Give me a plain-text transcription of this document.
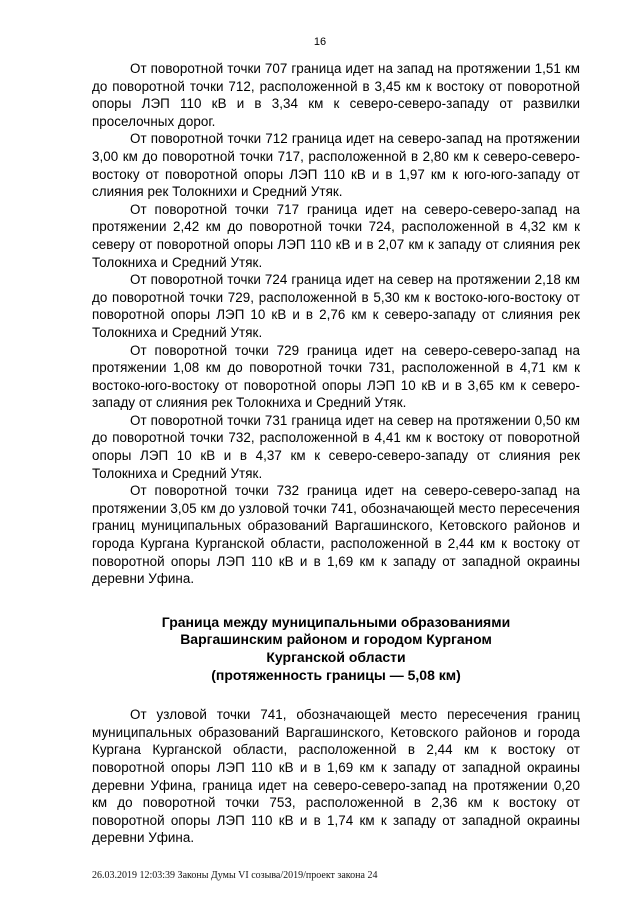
16

От поворотной точки 707 граница идет на запад на протяжении 1,51 км до поворотной точки 712, расположенной в 3,45 км к востоку от поворотной опоры ЛЭП 110 кВ и в 3,34 км к северо-северо-западу от развилки проселочных дорог.

От поворотной точки 712 граница идет на северо-запад на протяжении 3,00 км до поворотной точки 717, расположенной в 2,80 км к северо-северо-востоку от поворотной опоры ЛЭП 110 кВ и в 1,97 км к юго-юго-западу от слияния рек Толокнихи и Средний Утяк.

От поворотной точки 717 граница идет на северо-северо-запад на протяжении 2,42 км до поворотной точки 724, расположенной в 4,32 км к северу от поворотной опоры ЛЭП 110 кВ и в 2,07 км к западу от слияния рек Толокниха и Средний Утяк.

От поворотной точки 724 граница идет на север на протяжении 2,18 км до поворотной точки 729, расположенной в 5,30 км к востоко-юго-востоку от поворотной опоры ЛЭП 10 кВ и в 2,76 км к северо-западу от слияния рек Толокниха и Средний Утяк.

От поворотной точки 729 граница идет на северо-северо-запад на протяжении 1,08 км до поворотной точки 731, расположенной в 4,71 км к востоко-юго-востоку от поворотной опоры ЛЭП 10 кВ и в 3,65 км к северо-западу от слияния рек Толокниха и Средний Утяк.

От поворотной точки 731 граница идет на север на протяжении 0,50 км до поворотной точки 732, расположенной в 4,41 км к востоку от поворотной опоры ЛЭП 10 кВ и в 4,37 км к северо-северо-западу от слияния рек Толокниха и Средний Утяк.

От поворотной точки 732 граница идет на северо-северо-запад на протяжении 3,05 км до узловой точки 741, обозначающей место пересечения границ муниципальных образований Варгашинского, Кетовского районов и города Кургана Курганской области, расположенной в 2,44 км к востоку от поворотной опоры ЛЭП 110 кВ и в 1,69 км к западу от западной окраины деревни Уфина.

Граница между муниципальными образованиями
Варгашинским районом и городом Курганом
Курганской области
(протяженность границы — 5,08 км)

От узловой точки 741, обозначающей место пересечения границ муниципальных образований Варгашинского, Кетовского районов и города Кургана Курганской области, расположенной в 2,44 км к востоку от поворотной опоры ЛЭП 110 кВ и в 1,69 км к западу от западной окраины деревни Уфина, граница идет на северо-северо-запад на протяжении 0,20 км до поворотной точки 753, расположенной в 2,36 км к востоку от поворотной опоры ЛЭП 110 кВ и в 1,74 км к западу от западной окраины деревни Уфина.

26.03.2019 12:03:39 Законы Думы VI созыва/2019/проект закона 24
